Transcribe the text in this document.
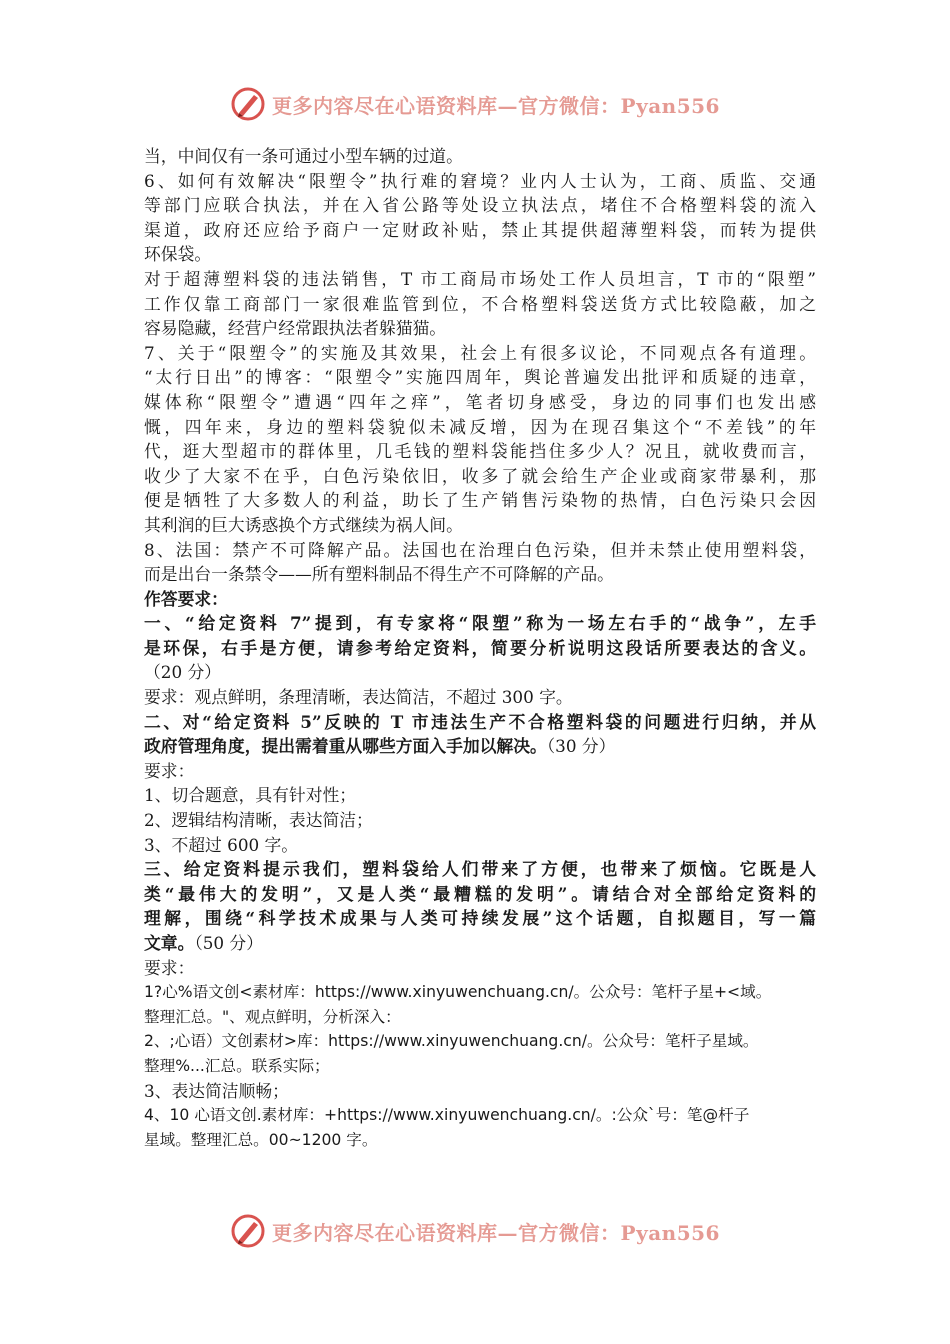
更多内容尽在心语资料库—官方微信：Pyan556
当，中间仅有一条可通过小型车辆的过道。
6、如何有效解决“限塑令”执行难的窘境？业内人士认为，工商、质监、交通
等部门应联合执法，并在入省公路等处设立执法点，堵住不合格塑料袋的流入
渠道，政府还应给予商户一定财政补贴，禁止其提供超薄塑料袋，而转为提供
环保袋。
对于超薄塑料袋的违法销售，T 市工商局市场处工作人员坦言，T 市的“限塑”
工作仅靠工商部门一家很难监管到位，不合格塑料袋送货方式比较隐蔽，加之
容易隐藏，经营户经常跟执法者躲猫猫。
7、关于“限塑令”的实施及其效果，社会上有很多议论，不同观点各有道理。
“太行日出”的博客：“限塑令”实施四周年，舆论普遍发出批评和质疑的违章，
媒体称“限塑令”遭遇“四年之痒”，笔者切身感受，身边的同事们也发出感
慨，四年来，身边的塑料袋貌似未减反增，因为在现召集这个“不差钱”的年
代，逛大型超市的群体里，几毛钱的塑料袋能挡住多少人？况且，就收费而言，
收少了大家不在乎，白色污染依旧，收多了就会给生产企业或商家带暴利，那
便是牺牲了大多数人的利益，助长了生产销售污染物的热情，白色污染只会因
其利润的巨大诱惑换个方式继续为祸人间。
8、法国：禁产不可降解产品。法国也在治理白色污染，但并未禁止使用塑料袋，
而是出台一条禁令——所有塑料制品不得生产不可降解的产品。
作答要求：
一、“给定资料 7”提到，有专家将“限塑”称为一场左右手的“战争”，左手
是环保，右手是方便，请参考给定资料，简要分析说明这段话所要表达的含义。
（20 分）
要求：观点鲜明，条理清晰，表达简洁，不超过 300 字。
二、对“给定资料 5”反映的 T 市违法生产不合格塑料袋的问题进行归纳，并从
政府管理角度，提出需着重从哪些方面入手加以解决。（30 分）
要求：
1、切合题意，具有针对性；
2、逻辑结构清晰，表达简洁；
3、不超过 600 字。
三、给定资料提示我们，塑料袋给人们带来了方便，也带来了烦恼。它既是人
类“最伟大的发明”，又是人类“最糟糕的发明”。请结合对全部给定资料的
理解，围绕“科学技术成果与人类可持续发展”这个话题，自拟题目，写一篇
文章。（50 分）
要求：
1?心%语文创<素材库：https://www.xinyuwenchuang.cn/。公众号：笔杆子星+<域。
整理汇总。"、观点鲜明，分析深入：
2、;心语）文创素材>库：https://www.xinyuwenchuang.cn/。公众号：笔杆子星域。
整理%...汇总。联系实际；
3、表达简洁顺畅；
4、10 心语文创.素材库：+https://www.xinyuwenchuang.cn/。:公众`号：笔@杆子
星域。整理汇总。00~1200 字。
更多内容尽在心语资料库—官方微信：Pyan556
